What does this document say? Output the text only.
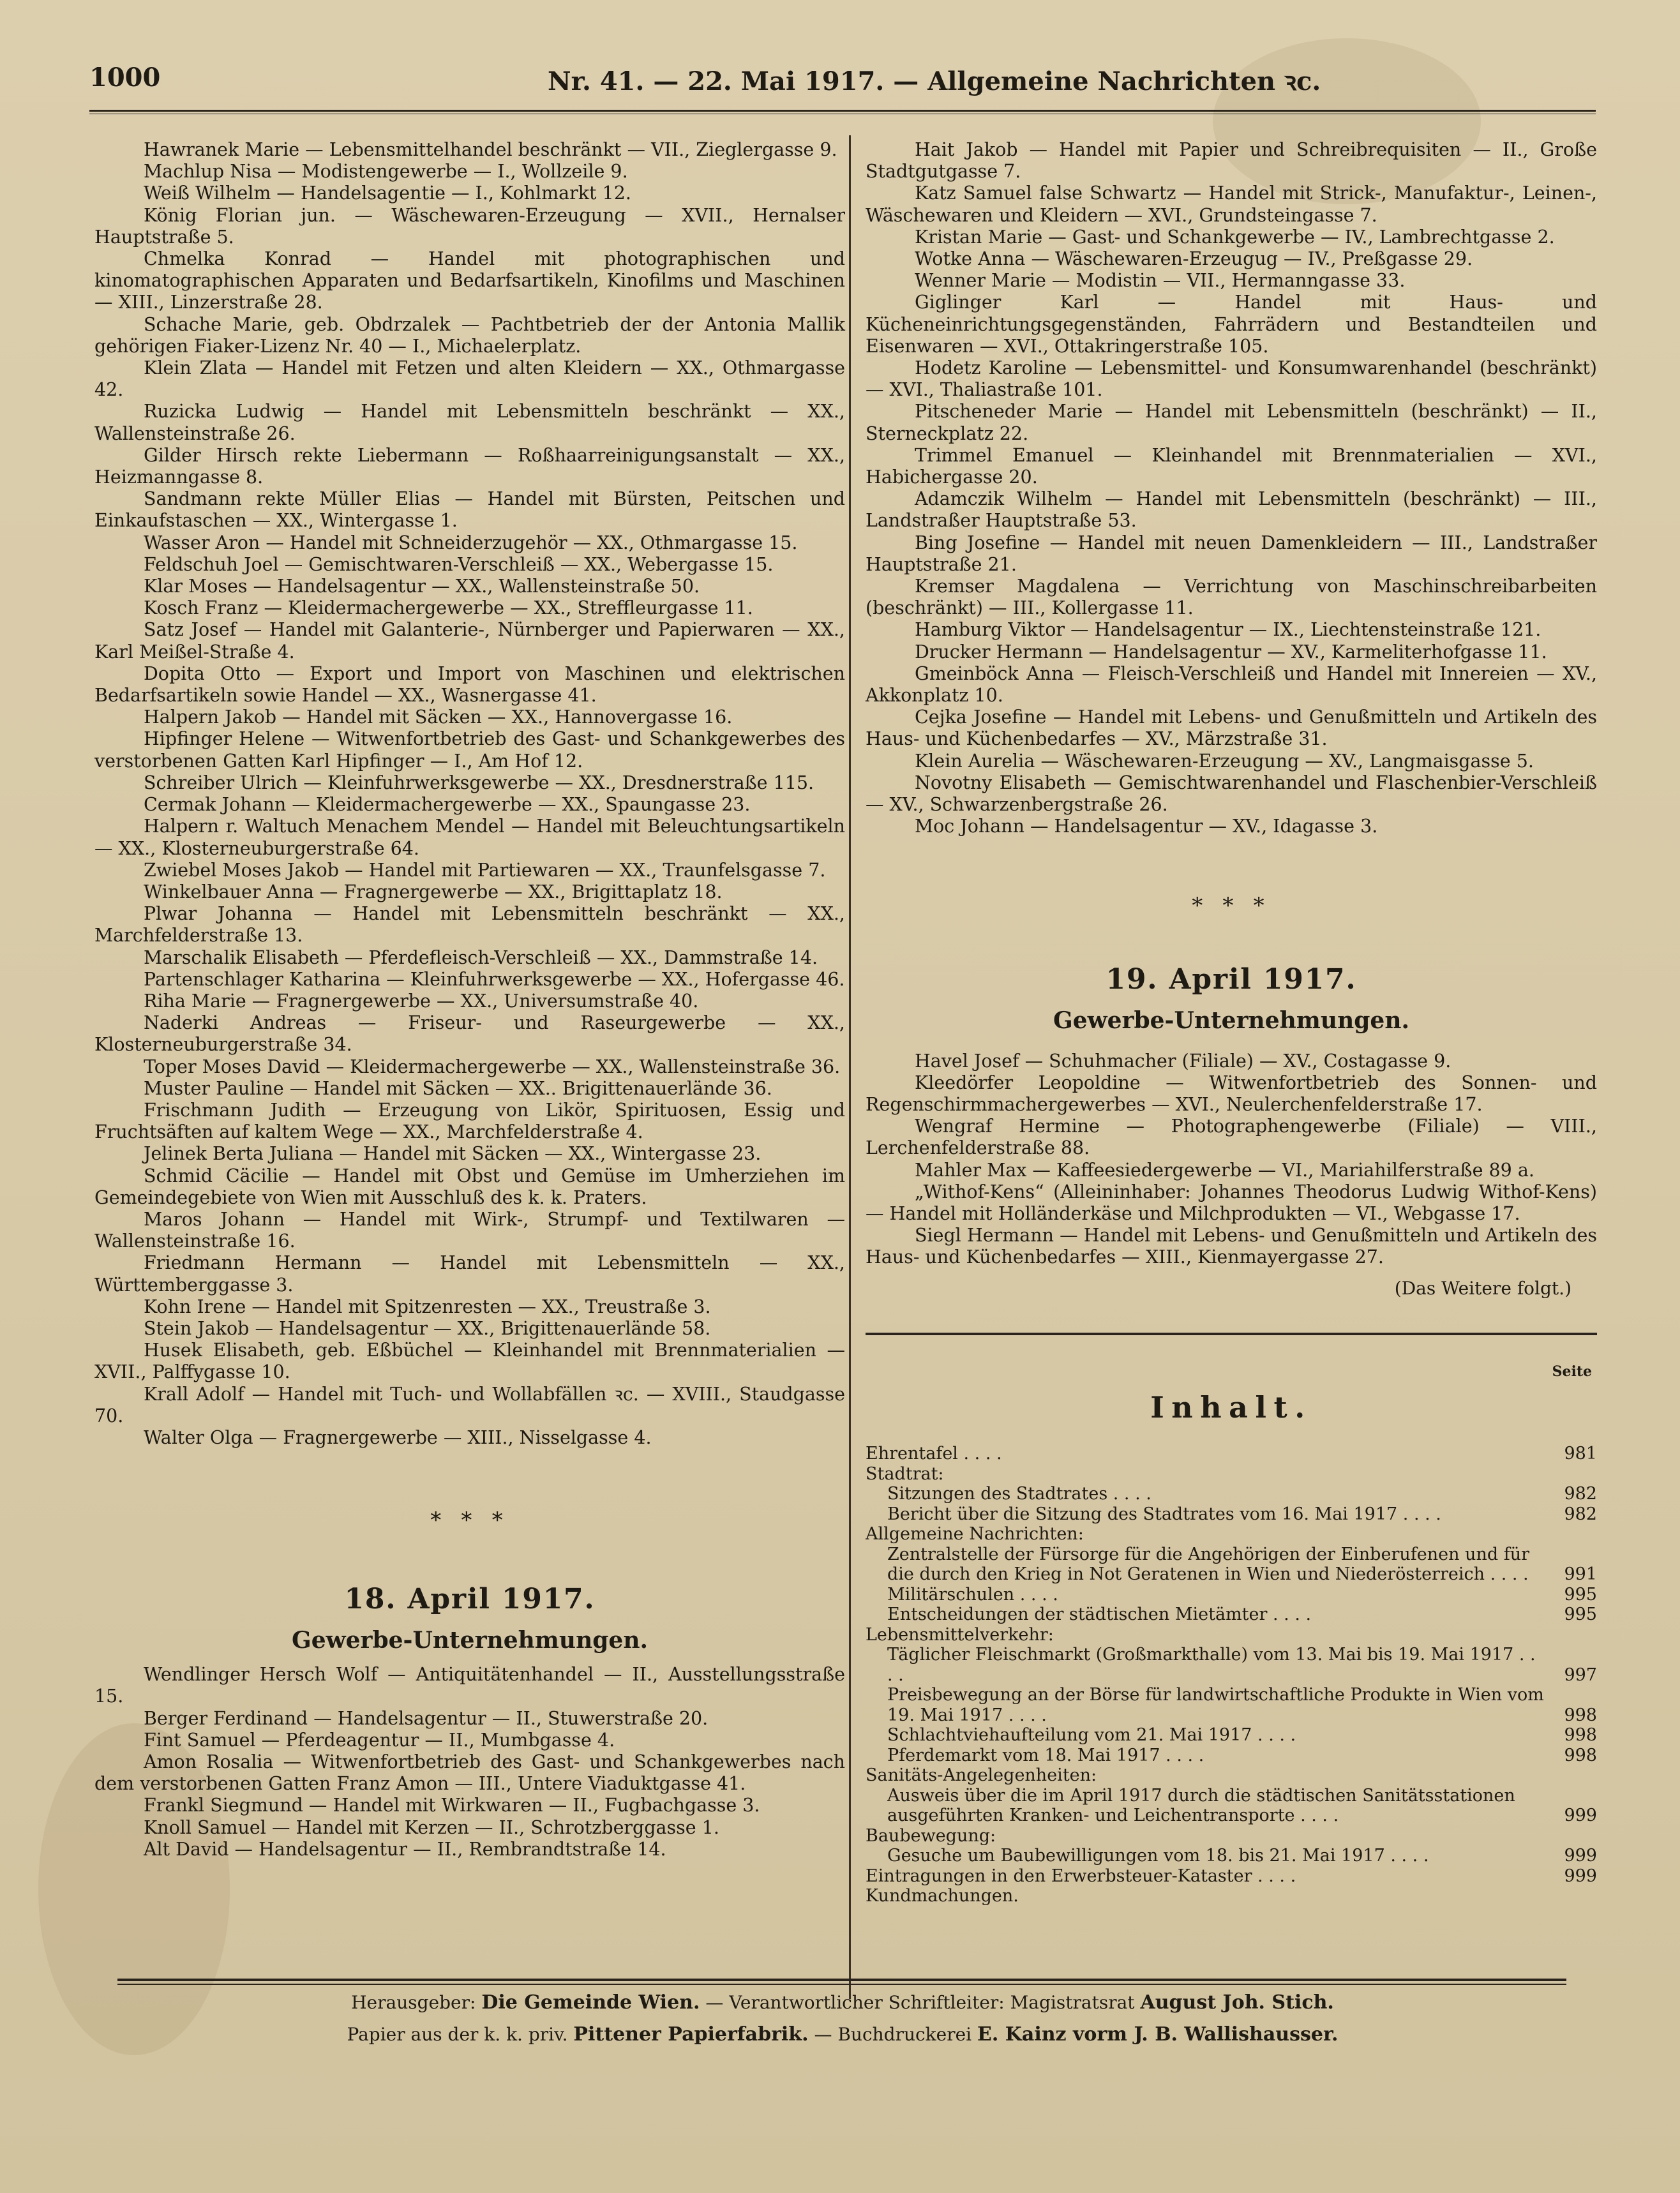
1000	Nr. 41. — 22. Mai 1917. — Allgemeine Nachrichten ꝛc.

Hawranek Marie — Lebensmittelhandel beschränkt — VII., Zieglergasse 9.

Machlup Nisa — Modistengewerbe — I., Wollzeile 9.

Weiß Wilhelm — Handelsagentie — I., Kohlmarkt 12.

König Florian jun. — Wäschewaren-Erzeugung — XVII., Hernalser Hauptstraße 5.

Chmelka Konrad — Handel mit photographischen und kinomatographischen Apparaten und Bedarfsartikeln, Kinofilms und Maschinen — XIII., Linzerstraße 28.

Schache Marie, geb. Obdrzalek — Pachtbetrieb der der Antonia Mallik gehörigen Fiaker-Lizenz Nr. 40 — I., Michaelerplatz.

Klein Zlata — Handel mit Fetzen und alten Kleidern — XX., Othmargasse 42.

Ruzicka Ludwig — Handel mit Lebensmitteln beschränkt — XX., Wallensteinstraße 26.

Gilder Hirsch rekte Liebermann — Roßhaarreinigungsanstalt — XX., Heizmanngasse 8.

Sandmann rekte Müller Elias — Handel mit Bürsten, Peitschen und Einkaufstaschen — XX., Wintergasse 1.

Wasser Aron — Handel mit Schneiderzugehör — XX., Othmargasse 15.

Feldschuh Joel — Gemischtwaren-Verschleiß — XX., Webergasse 15.

Klar Moses — Handelsagentur — XX., Wallensteinstraße 50.

Kosch Franz — Kleidermachergewerbe — XX., Streffleurgasse 11.

Satz Josef — Handel mit Galanterie-, Nürnberger und Papierwaren — XX., Karl Meißel-Straße 4.

Dopita Otto — Export und Import von Maschinen und elektrischen Bedarfsartikeln sowie Handel — XX., Wasnergasse 41.

Halpern Jakob — Handel mit Säcken — XX., Hannovergasse 16.

Hipfinger Helene — Witwenfortbetrieb des Gast- und Schankgewerbes des verstorbenen Gatten Karl Hipfinger — I., Am Hof 12.

Schreiber Ulrich — Kleinfuhrwerksgewerbe — XX., Dresdnerstraße 115.

Cermak Johann — Kleidermachergewerbe — XX., Spaungasse 23.

Halpern r. Waltuch Menachem Mendel — Handel mit Beleuchtungsartikeln — XX., Klosterneuburgerstraße 64.

Zwiebel Moses Jakob — Handel mit Partiewaren — XX., Traunfelsgasse 7.

Winkelbauer Anna — Fragnergewerbe — XX., Brigittaplatz 18.

Plwar Johanna — Handel mit Lebensmitteln beschränkt — XX., Marchfelderstraße 13.

Marschalik Elisabeth — Pferdefleisch-Verschleiß — XX., Dammstraße 14.

Partenschlager Katharina — Kleinfuhrwerksgewerbe — XX., Hofergasse 46.

Riha Marie — Fragnergewerbe — XX., Universumstraße 40.

Naderki Andreas — Friseur- und Raseurgewerbe — XX., Klosterneuburgerstraße 34.

Toper Moses David — Kleidermachergewerbe — XX., Wallensteinstraße 36.

Muster Pauline — Handel mit Säcken — XX.. Brigittenauerlände 36.

Frischmann Judith — Erzeugung von Likör, Spirituosen, Essig und Fruchtsäften auf kaltem Wege — XX., Marchfelderstraße 4.

Jelinek Berta Juliana — Handel mit Säcken — XX., Wintergasse 23.

Schmid Cäcilie — Handel mit Obst und Gemüse im Umherziehen im Gemeindegebiete von Wien mit Ausschluß des k. k. Praters.

Maros Johann — Handel mit Wirk-, Strumpf- und Textilwaren — Wallensteinstraße 16.

Friedmann Hermann — Handel mit Lebensmitteln — XX., Württemberggasse 3.

Kohn Irene — Handel mit Spitzenresten — XX., Treustraße 3.

Stein Jakob — Handelsagentur — XX., Brigittenauerlände 58.

Husek Elisabeth, geb. Eßbüchel — Kleinhandel mit Brennmaterialien — XVII., Palffygasse 10.

Krall Adolf — Handel mit Tuch- und Wollabfällen ꝛc. — XVIII., Staudgasse 70.

Walter Olga — Fragnergewerbe — XIII., Nisselgasse 4.

* * *

18. April 1917.

Gewerbe-Unternehmungen.

Wendlinger Hersch Wolf — Antiquitätenhandel — II., Ausstellungsstraße 15.

Berger Ferdinand — Handelsagentur — II., Stuwerstraße 20.

Fint Samuel — Pferdeagentur — II., Mumbgasse 4.

Amon Rosalia — Witwenfortbetrieb des Gast- und Schankgewerbes nach dem verstorbenen Gatten Franz Amon — III., Untere Viaduktgasse 41.

Frankl Siegmund — Handel mit Wirkwaren — II., Fugbachgasse 3.

Knoll Samuel — Handel mit Kerzen — II., Schrotzberggasse 1.

Alt David — Handelsagentur — II., Rembrandtstraße 14.

Hait Jakob — Handel mit Papier und Schreibrequisiten — II., Große Stadtgutgasse 7.

Katz Samuel false Schwartz — Handel mit Strick-, Manufaktur-, Leinen-, Wäschewaren und Kleidern — XVI., Grundsteingasse 7.

Kristan Marie — Gast- und Schankgewerbe — IV., Lambrechtgasse 2.

Wotke Anna — Wäschewaren-Erzeugug — IV., Preßgasse 29.

Wenner Marie — Modistin — VII., Hermanngasse 33.

Giglinger Karl — Handel mit Haus- und Kücheneinrichtungsgegenständen, Fahrrädern und Bestandteilen und Eisenwaren — XVI., Ottakringerstraße 105.

Hodetz Karoline — Lebensmittel- und Konsumwarenhandel (beschränkt) — XVI., Thaliastraße 101.

Pitscheneder Marie — Handel mit Lebensmitteln (beschränkt) — II., Sterneckplatz 22.

Trimmel Emanuel — Kleinhandel mit Brennmaterialien — XVI., Habichergasse 20.

Adamczik Wilhelm — Handel mit Lebensmitteln (beschränkt) — III., Landstraßer Hauptstraße 53.

Bing Josefine — Handel mit neuen Damenkleidern — III., Landstraßer Hauptstraße 21.

Kremser Magdalena — Verrichtung von Maschinschreibarbeiten (beschränkt) — III., Kollergasse 11.

Hamburg Viktor — Handelsagentur — IX., Liechtensteinstraße 121.

Drucker Hermann — Handelsagentur — XV., Karmeliterhofgasse 11.

Gmeinböck Anna — Fleisch-Verschleiß und Handel mit Innereien — XV., Akkonplatz 10.

Cejka Josefine — Handel mit Lebens- und Genußmitteln und Artikeln des Haus- und Küchenbedarfes — XV., Märzstraße 31.

Klein Aurelia — Wäschewaren-Erzeugung — XV., Langmaisgasse 5.

Novotny Elisabeth — Gemischtwarenhandel und Flaschenbier-Verschleiß — XV., Schwarzenbergstraße 26.

Moc Johann — Handelsagentur — XV., Idagasse 3.

* * *

19. April 1917.

Gewerbe-Unternehmungen.

Havel Josef — Schuhmacher (Filiale) — XV., Costagasse 9.

Kleedörfer Leopoldine — Witwenfortbetrieb des Sonnen- und Regenschirmmachergewerbes — XVI., Neulerchenfelderstraße 17.

Wengraf Hermine — Photographengewerbe (Filiale) — VIII., Lerchenfelderstraße 88.

Mahler Max — Kaffeesiedergewerbe — VI., Mariahilferstraße 89 a.

„Withof-Kens“ (Alleininhaber: Johannes Theodorus Ludwig Withof-Kens) — Handel mit Holländerkäse und Milchprodukten — VI., Webgasse 17.

Siegl Hermann — Handel mit Lebens- und Genußmitteln und Artikeln des Haus- und Küchenbedarfes — XIII., Kienmayergasse 27.

(Das Weitere folgt.)
Seite
Inhalt.
Ehrentafel . . . .	981
Stadtrat:
Sitzungen des Stadtrates . . . .	982
Bericht über die Sitzung des Stadtrates vom 16. Mai 1917 . . . .	982
Allgemeine Nachrichten:
Zentralstelle der Fürsorge für die Angehörigen der Einberufenen und für die durch den Krieg in Not Geratenen in Wien und Niederösterreich . . . . 991
Militärschulen . . . .	995
Entscheidungen der städtischen Mietämter . . . .	995
Lebensmittelverkehr:
Täglicher Fleischmarkt (Großmarkthalle) vom 13. Mai bis 19. Mai 1917 . . . .	997
Preisbewegung an der Börse für landwirtschaftliche Produkte in Wien vom 19. Mai 1917 . . . .	998
Schlachtviehaufteilung vom 21. Mai 1917 . . . .	998
Pferdemarkt vom 18. Mai 1917 . . . .	998
Sanitäts-Angelegenheiten:
Ausweis über die im April 1917 durch die städtischen Sanitätsstationen ausgeführten Kranken- und Leichentransporte . . . .	999
Baubewegung:
Gesuche um Baubewilligungen vom 18. bis 21. Mai 1917 . . . .	999
Eintragungen in den Erwerbsteuer-Kataster . . . .	999
Kundmachungen.
Herausgeber: Die Gemeinde Wien. — Verantwortlicher Schriftleiter: Magistratsrat August Joh. Stich.
Papier aus der k. k. priv. Pittener Papierfabrik. — Buchdruckerei E. Kainz vorm J. B. Wallishausser.
